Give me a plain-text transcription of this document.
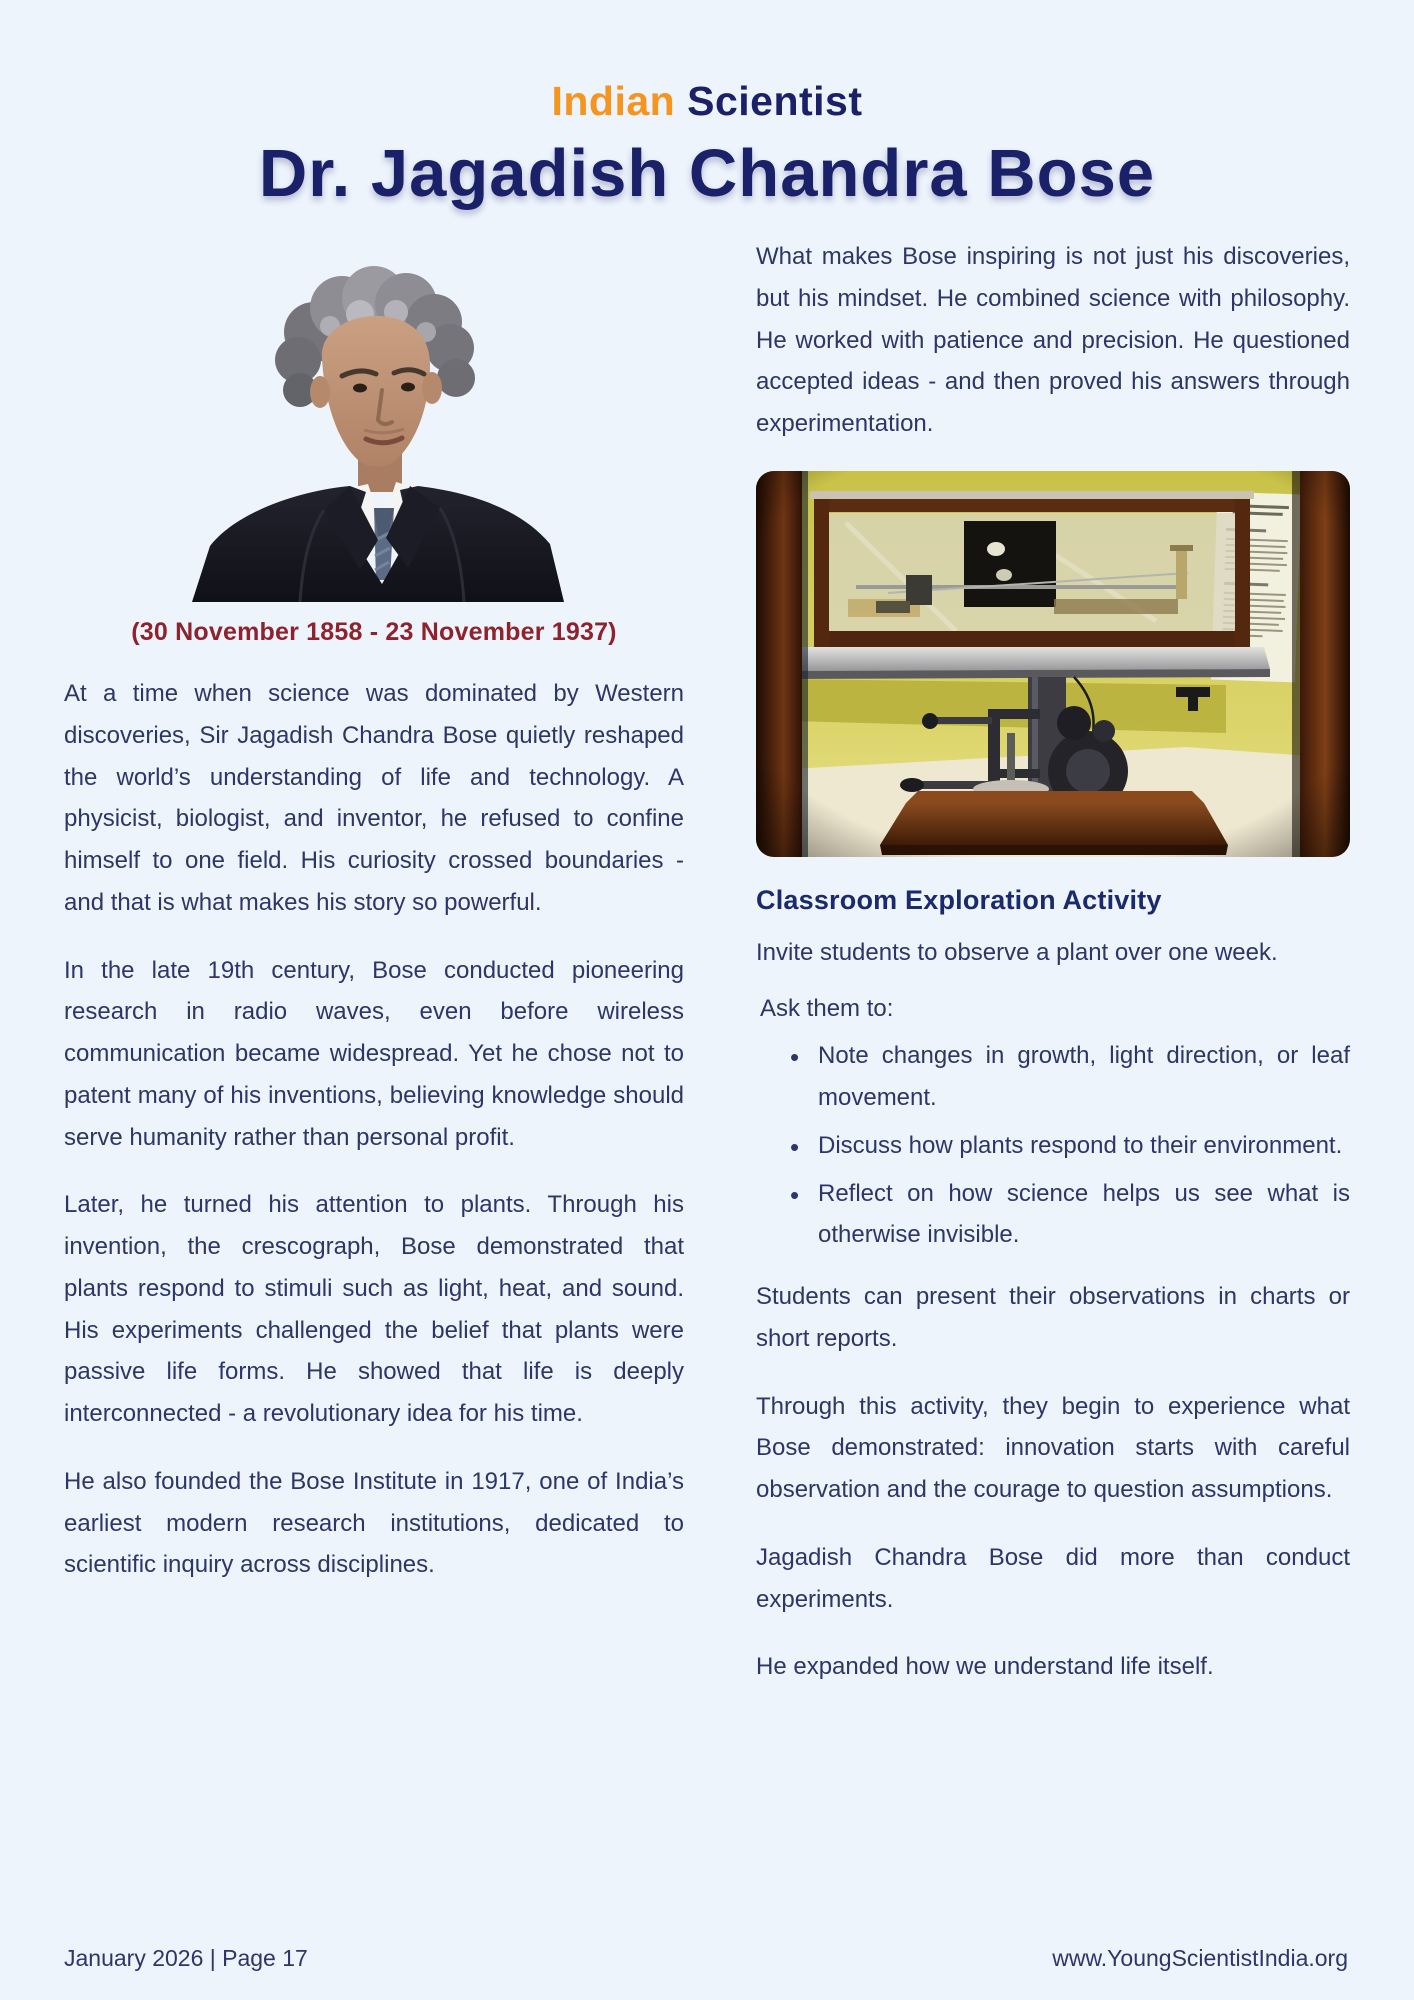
Indian Scientist
Dr. Jagadish Chandra Bose
(30 November 1858 - 23 November 1937)

At a time when science was dominated by Western discoveries, Sir Jagadish Chandra Bose quietly reshaped the world’s understanding of life and technology. A physicist, biologist, and inventor, he refused to confine himself to one field. His curiosity crossed boundaries - and that is what makes his story so powerful.

In the late 19th century, Bose conducted pioneering research in radio waves, even before wireless communication became widespread. Yet he chose not to patent many of his inventions, believing knowledge should serve humanity rather than personal profit.

Later, he turned his attention to plants. Through his invention, the crescograph, Bose demonstrated that plants respond to stimuli such as light, heat, and sound. His experiments challenged the belief that plants were passive life forms. He showed that life is deeply interconnected - a revolutionary idea for his time.

He also founded the Bose Institute in 1917, one of India’s earliest modern research institutions, dedicated to scientific inquiry across disciplines.

What makes Bose inspiring is not just his discoveries, but his mindset. He combined science with philosophy. He worked with patience and precision. He questioned accepted ideas - and then proved his answers through experimentation.

Classroom Exploration Activity

Invite students to observe a plant over one week.

Ask them to:

• Note changes in growth, light direction, or leaf movement.
• Discuss how plants respond to their environment.
• Reflect on how science helps us see what is otherwise invisible.

Students can present their observations in charts or short reports.

Through this activity, they begin to experience what Bose demonstrated: innovation starts with careful observation and the courage to question assumptions.

Jagadish Chandra Bose did more than conduct experiments.

He expanded how we understand life itself.

January 2026 | Page 17	www.YoungScientistIndia.org
